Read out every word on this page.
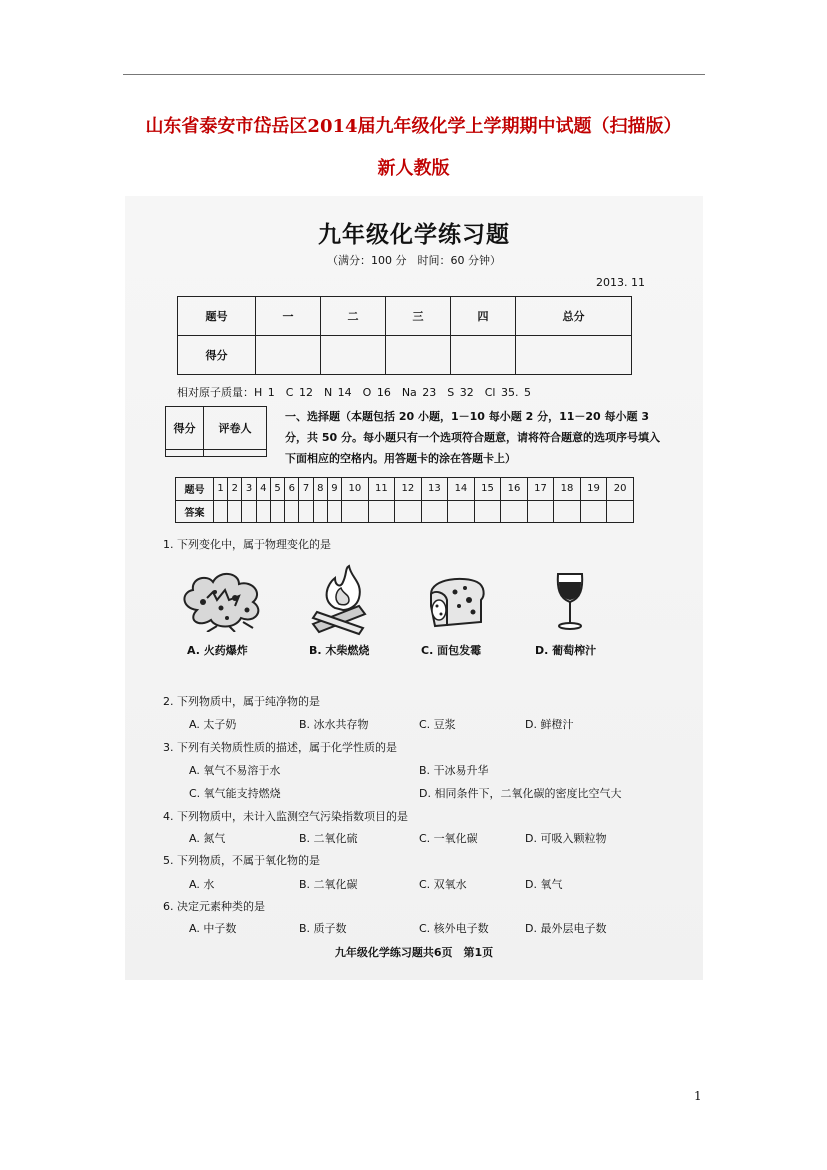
山东省泰安市岱岳区2014届九年级化学上学期期中试题（扫描版）
新人教版
九年级化学练习题
（满分：100 分　时间：60 分钟）
2013. 11
题号	一	二	三	四	总分
得分					
相对原子质量：H 1　C 12　N 14　O 16　Na 23　S 32　Cl 35. 5
得分	评卷人

一、选择题（本题包括 20 小题，1－10 每小题 2 分，11－20 每小题 3 分，共 50 分。每小题只有一个选项符合题意，请将符合题意的选项序号填入下面相应的空格内。用答题卡的涂在答题卡上）
题号	1	2	3	4	5	6	7	8	9	10	11	12	13	14	15	16	17	18	19	20
答案																				
1. 下列变化中，属于物理变化的是
A. 火药爆炸	B. 木柴燃烧	C. 面包发霉	D. 葡萄榨汁
2. 下列物质中，属于纯净物的是
A. 太子奶	B. 冰水共存物	C. 豆浆	D. 鲜橙汁
3. 下列有关物质性质的描述，属于化学性质的是
A. 氧气不易溶于水	B. 干冰易升华
C. 氧气能支持燃烧	D. 相同条件下，二氧化碳的密度比空气大
4. 下列物质中，未计入监测空气污染指数项目的是
A. 氮气	B. 二氧化硫	C. 一氧化碳	D. 可吸入颗粒物
5. 下列物质，不属于氧化物的是
A. 水	B. 二氧化碳	C. 双氧水	D. 氧气
6. 决定元素种类的是
A. 中子数	B. 质子数	C. 核外电子数	D. 最外层电子数
九年级化学练习题共6页　第1页
1
